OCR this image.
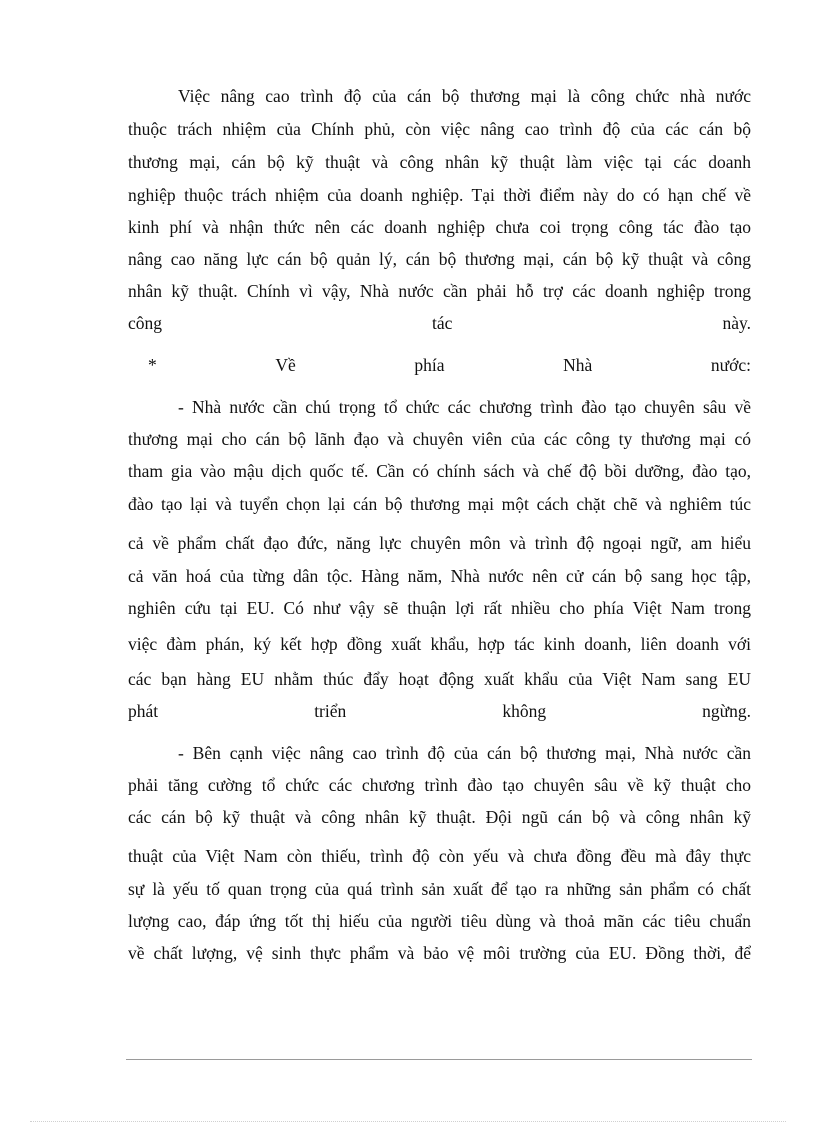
Việc nâng cao trình độ của cán bộ thương mại là công chức nhà nước
thuộc trách nhiệm của Chính phủ, còn việc nâng cao trình độ của các cán bộ
thương mại, cán bộ kỹ thuật và công nhân kỹ thuật làm việc tại các doanh
nghiệp thuộc trách nhiệm của doanh nghiệp. Tại thời điểm này do có hạn chế về
kinh phí và nhận thức nên các doanh nghiệp chưa coi trọng công tác đào tạo
nâng cao năng lực cán bộ quản lý, cán bộ thương mại, cán bộ kỹ thuật và công
nhân kỹ thuật. Chính vì vậy, Nhà nước cần phải hỗ trợ các doanh nghiệp trong
công	tác	này.
*	Về	phía	Nhà	nước:
- Nhà nước cần chú trọng tổ chức các chương trình đào tạo chuyên sâu về
thương mại cho cán bộ lãnh đạo và chuyên viên của các công ty thương mại có
tham gia vào mậu dịch quốc tế. Cần có chính sách và chế độ bồi dưỡng, đào tạo,
đào tạo lại và tuyển chọn lại cán bộ thương mại một cách chặt chẽ và nghiêm túc
cả về phẩm chất đạo đức, năng lực chuyên môn và trình độ ngoại ngữ, am hiểu
cả văn hoá của từng dân tộc. Hàng năm, Nhà nước nên cử cán bộ sang học tập,
nghiên cứu tại EU. Có như vậy sẽ thuận lợi rất nhiều cho phía Việt Nam trong
việc đàm phán, ký kết hợp đồng xuất khẩu, hợp tác kinh doanh, liên doanh với
các bạn hàng EU nhằm thúc đẩy hoạt động xuất khẩu của Việt Nam sang EU
phát	triển	không	ngừng.
- Bên cạnh việc nâng cao trình độ của cán bộ thương mại, Nhà nước cần
phải tăng cường tổ chức các chương trình đào tạo chuyên sâu về kỹ thuật cho
các cán bộ kỹ thuật và công nhân kỹ thuật. Đội ngũ cán bộ và công nhân kỹ
thuật của Việt Nam còn thiếu, trình độ còn yếu và chưa đồng đều mà đây thực
sự là yếu tố quan trọng của quá trình sản xuất để tạo ra những sản phẩm có chất
lượng cao, đáp ứng tốt thị hiếu của người tiêu dùng và thoả mãn các tiêu chuẩn
về chất lượng, vệ sinh thực phẩm và bảo vệ môi trường của EU. Đồng thời, để
